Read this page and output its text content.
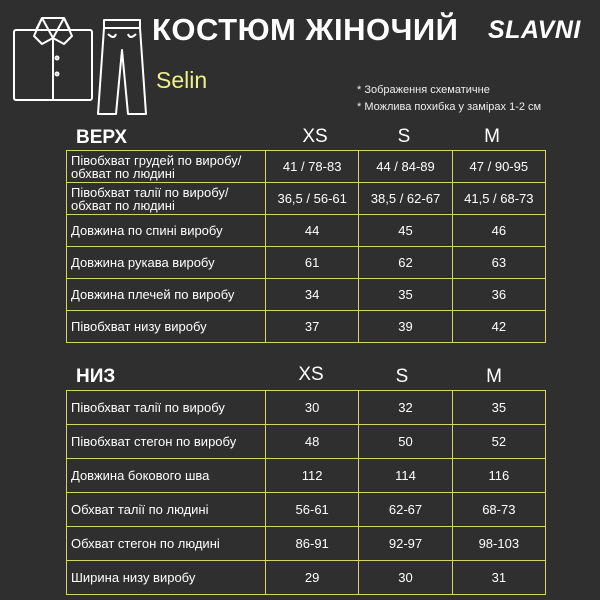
КОСТЮМ ЖІНОЧИЙ SLAVNI
Selin	* Зображення схематичне
* Можлива похибка у замірах 1-2 см
ВЕРХ	XS	S	M
Півобхват грудей по виробу/ обхват по людині	41 / 78-83	44 / 84-89	47 / 90-95
Півобхват талії по виробу/ обхват по людині	36,5 / 56-61	38,5 / 62-67	41,5 / 68-73
Довжина по спині виробу	44	45	46
Довжина рукава виробу	61	62	63
Довжина плечей по виробу	34	35	36
Півобхват низу виробу	37	39	42
НИЗ	XS	S	M
Півобхват талії по виробу	30	32	35
Півобхват стегон по виробу	48	50	52
Довжина бокового шва	112	114	116
Обхват талії по людині	56-61	62-67	68-73
Обхват стегон по людині	86-91	92-97	98-103
Ширина низу виробу	29	30	31
